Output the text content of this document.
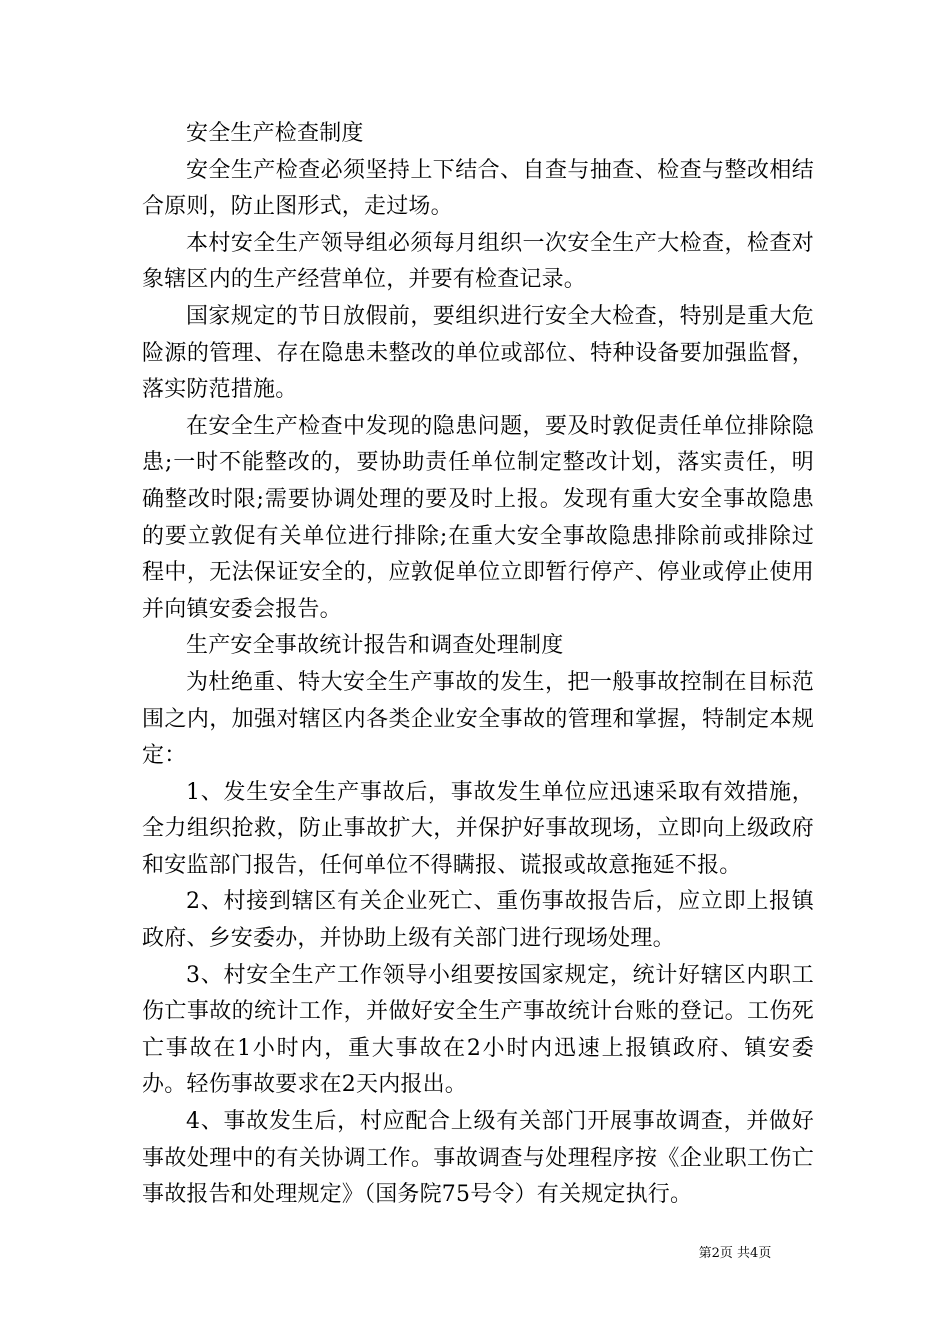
安全生产检查制度

安全生产检查必须坚持上下结合、自查与抽查、检查与整改相结合原则，防止图形式，走过场。

本村安全生产领导组必须每月组织一次安全生产大检查，检查对象辖区内的生产经营单位，并要有检查记录。

国家规定的节日放假前，要组织进行安全大检查，特别是重大危险源的管理、存在隐患未整改的单位或部位、特种设备要加强监督，落实防范措施。

在安全生产检查中发现的隐患问题，要及时敦促责任单位排除隐患;一时不能整改的，要协助责任单位制定整改计划，落实责任，明确整改时限;需要协调处理的要及时上报。发现有重大安全事故隐患的要立敦促有关单位进行排除;在重大安全事故隐患排除前或排除过程中，无法保证安全的，应敦促单位立即暂行停产、停业或停止使用并向镇安委会报告。

生产安全事故统计报告和调查处理制度

为杜绝重、特大安全生产事故的发生，把一般事故控制在目标范围之内，加强对辖区内各类企业安全事故的管理和掌握，特制定本规定：

1、发生安全生产事故后，事故发生单位应迅速采取有效措施，全力组织抢救，防止事故扩大，并保护好事故现场，立即向上级政府和安监部门报告，任何单位不得瞒报、谎报或故意拖延不报。

2、村接到辖区有关企业死亡、重伤事故报告后，应立即上报镇政府、乡安委办，并协助上级有关部门进行现场处理。

3、村安全生产工作领导小组要按国家规定，统计好辖区内职工伤亡事故的统计工作，并做好安全生产事故统计台账的登记。工伤死亡事故在1小时内，重大事故在2小时内迅速上报镇政府、镇安委办。轻伤事故要求在2天内报出。

4、事故发生后，村应配合上级有关部门开展事故调查，并做好事故处理中的有关协调工作。事故调查与处理程序按《企业职工伤亡事故报告和处理规定》（国务院75号令）有关规定执行。

第2页 共4页
